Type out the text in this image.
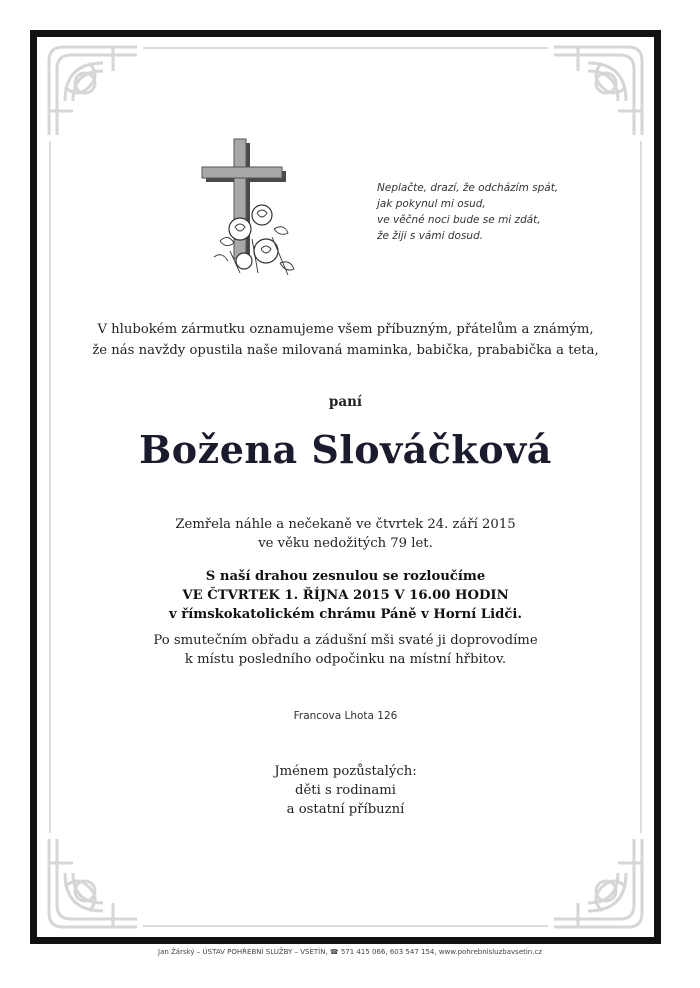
Neplačte, drazí, že odcházím spát,
jak pokynul mi osud,
ve věčné noci bude se mi zdát,
že žiji s vámi dosud.
V hlubokém zármutku oznamujeme všem příbuzným, přátelům a známým,
že nás navždy opustila naše milovaná maminka, babička, prababička a teta,
paní
Božena Slováčková
Zemřela náhle a nečekaně ve čtvrtek 24. září 2015
ve věku nedožitých 79 let.
S naší drahou zesnulou se rozloučíme
VE ČTVRTEK 1. ŘÍJNA 2015 V 16.00 HODIN
v římskokatolickém chrámu Páně v Horní Lidči.
Po smutečním obřadu a zádušní mši svaté ji doprovodíme
k místu posledního odpočinku na místní hřbitov.
Francova Lhota 126
Jménem pozůstalých:
děti s rodinami
a ostatní příbuzní
Jan Žárský – ÚSTAV POHŘEBNÍ SLUŽBY – VSETÍN, ☎ 571 415 066, 603 547 154, www.pohrebnisluzbavsetin.cz
